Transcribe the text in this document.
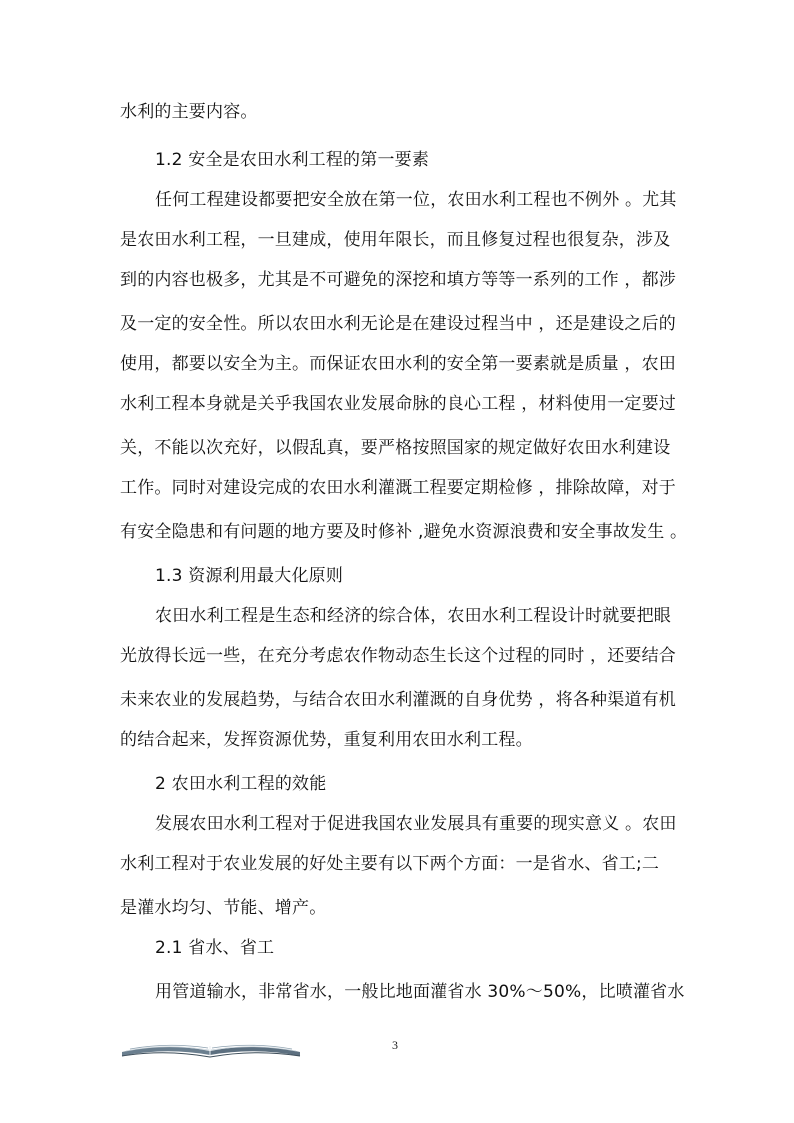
水利的主要内容。
1.2 安全是农田水利工程的第一要素
任何工程建设都要把安全放在第一位，农田水利工程也不例外 。尤其
是农田水利工程，一旦建成，使用年限长，而且修复过程也很复杂，涉及
到的内容也极多，尤其是不可避免的深挖和填方等等一系列的工作 ，都涉
及一定的安全性。所以农田水利无论是在建设过程当中 ，还是建设之后的
使用，都要以安全为主。而保证农田水利的安全第一要素就是质量 ，农田
水利工程本身就是关乎我国农业发展命脉的良心工程 ，材料使用一定要过
关，不能以次充好，以假乱真，要严格按照国家的规定做好农田水利建设
工作。同时对建设完成的农田水利灌溉工程要定期检修 ，排除故障，对于
有安全隐患和有问题的地方要及时修补 ,避免水资源浪费和安全事故发生 。
1.3 资源利用最大化原则
农田水利工程是生态和经济的综合体，农田水利工程设计时就要把眼
光放得长远一些，在充分考虑农作物动态生长这个过程的同时 ，还要结合
未来农业的发展趋势，与结合农田水利灌溉的自身优势 ，将各种渠道有机
的结合起来，发挥资源优势，重复利用农田水利工程。
2 农田水利工程的效能
发展农田水利工程对于促进我国农业发展具有重要的现实意义 。农田
水利工程对于农业发展的好处主要有以下两个方面：一是省水、省工;二
是灌水均匀、节能、增产。
2.1 省水、省工
用管道输水，非常省水，一般比地面灌省水 30%～50%，比喷灌省水
3
